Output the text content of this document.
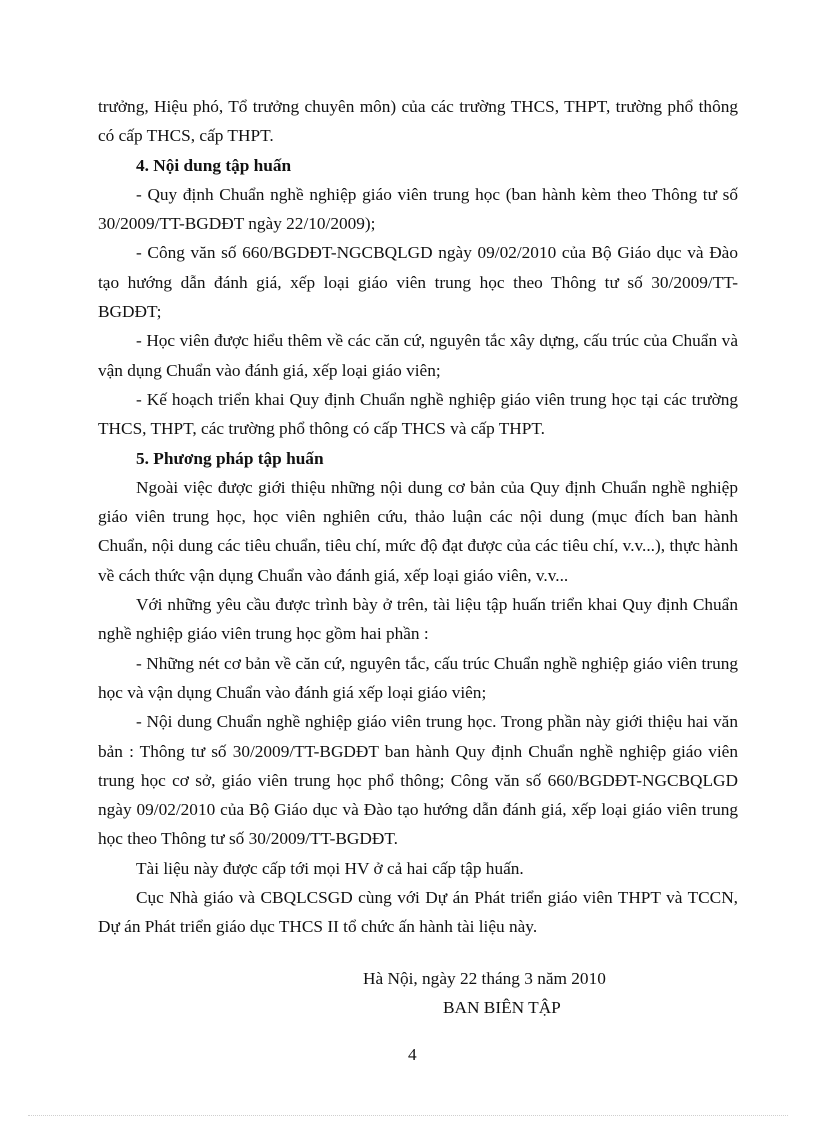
trưởng, Hiệu phó, Tổ trưởng chuyên môn) của các trường THCS, THPT, trường phổ thông có cấp THCS, cấp THPT.

4. Nội dung tập huấn

- Quy định Chuẩn nghề nghiệp giáo viên trung học (ban hành kèm theo Thông tư số 30/2009/TT-BGDĐT ngày 22/10/2009);

- Công văn số 660/BGDĐT-NGCBQLGD ngày 09/02/2010 của Bộ Giáo dục và Đào tạo hướng dẫn đánh giá, xếp loại giáo viên trung học theo Thông tư số 30/2009/TT- BGDĐT;

- Học viên được hiểu thêm về các căn cứ, nguyên tắc xây dựng, cấu trúc của Chuẩn và vận dụng Chuẩn vào đánh giá, xếp loại giáo viên;

- Kế hoạch triển khai Quy định Chuẩn nghề nghiệp giáo viên trung học tại các trường THCS, THPT, các trường phổ thông có cấp THCS và cấp THPT.

5. Phương pháp tập huấn

Ngoài việc được giới thiệu những nội dung cơ bản của Quy định Chuẩn nghề nghiệp giáo viên trung học, học viên nghiên cứu, thảo luận các nội dung (mục đích ban hành Chuẩn, nội dung các tiêu chuẩn, tiêu chí, mức độ đạt được của các tiêu chí, v.v...), thực hành về cách thức vận dụng Chuẩn vào đánh giá, xếp loại giáo viên, v.v...

Với những yêu cầu được trình bày ở trên, tài liệu tập huấn triển khai Quy định Chuẩn nghề nghiệp giáo viên trung học gồm hai phần :

- Những nét cơ bản về căn cứ, nguyên tắc, cấu trúc Chuẩn nghề nghiệp giáo viên trung học và vận dụng Chuẩn vào đánh giá xếp loại giáo viên;

- Nội dung Chuẩn nghề nghiệp giáo viên trung học. Trong phần này giới thiệu hai văn bản : Thông tư số 30/2009/TT-BGDĐT ban hành Quy định Chuẩn nghề nghiệp giáo viên trung học cơ sở, giáo viên trung học phổ thông; Công văn số 660/BGDĐT-NGCBQLGD ngày 09/02/2010 của Bộ Giáo dục và Đào tạo hướng dẫn đánh giá, xếp loại giáo viên trung học theo Thông tư số 30/2009/TT-BGDĐT.

Tài liệu này được cấp tới mọi HV ở cả hai cấp tập huấn.

Cục Nhà giáo và CBQLCSGD cùng với Dự án Phát triển giáo viên THPT và TCCN, Dự án Phát triển giáo dục THCS II tổ chức ấn hành tài liệu này.

Hà Nội, ngày 22 tháng 3 năm 2010
BAN BIÊN TẬP
4
